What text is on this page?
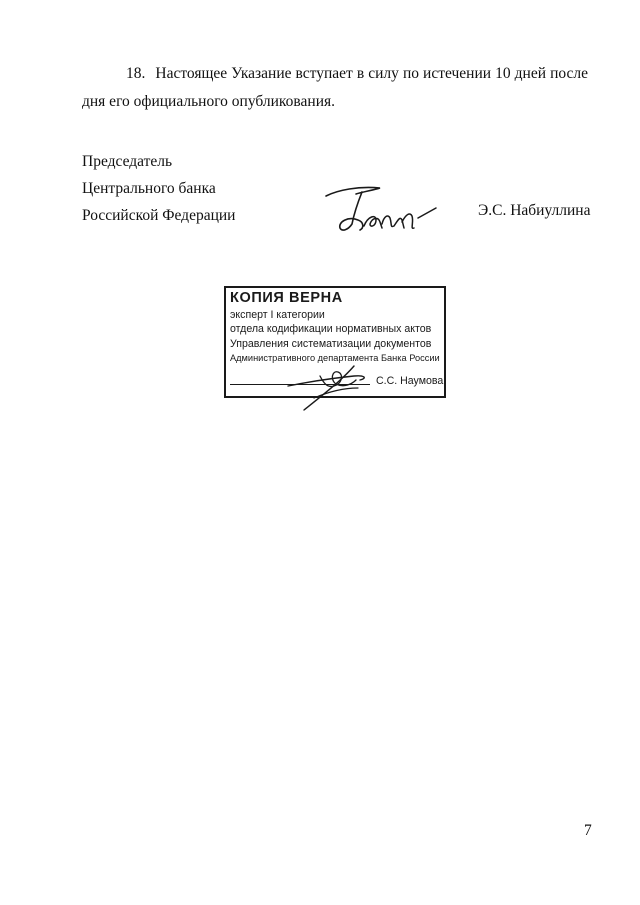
18. Настоящее Указание вступает в силу по истечении 10 дней после
дня его официального опубликования.
Председатель
Центрального банка
Российской Федерации	Э.С. Набиуллина
КОПИЯ ВЕРНА
эксперт I категории
отдела кодификации нормативных актов
Управления систематизации документов
Административного департамента Банка России
С.С. Наумова
7
